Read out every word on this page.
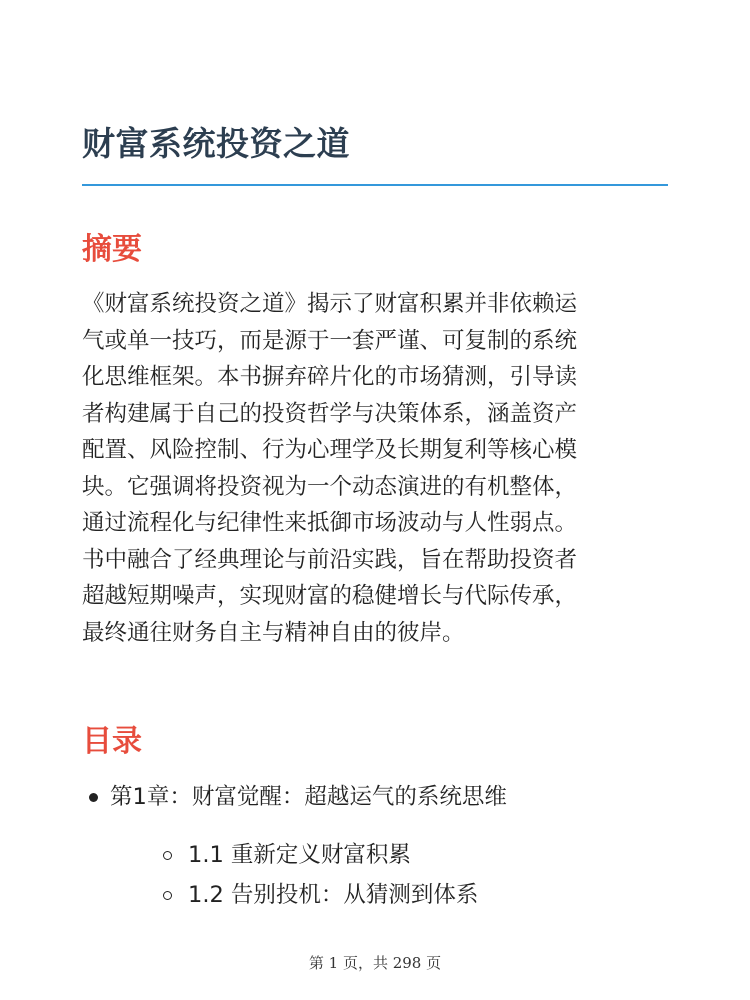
财富系统投资之道
摘要

《财富系统投资之道》揭示了财富积累并非依赖运
气或单一技巧，而是源于一套严谨、可复制的系统
化思维框架。本书摒弃碎片化的市场猜测，引导读
者构建属于自己的投资哲学与决策体系，涵盖资产
配置、风险控制、行为心理学及长期复利等核心模
块。它强调将投资视为一个动态演进的有机整体，
通过流程化与纪律性来抵御市场波动与人性弱点。
书中融合了经典理论与前沿实践，旨在帮助投资者
超越短期噪声，实现财富的稳健增长与代际传承，
最终通往财务自主与精神自由的彼岸。

目录
第1章：财富觉醒：超越运气的系统思维
1.1 重新定义财富积累
1.2 告别投机：从猜测到体系
第 1 页，共 298 页
